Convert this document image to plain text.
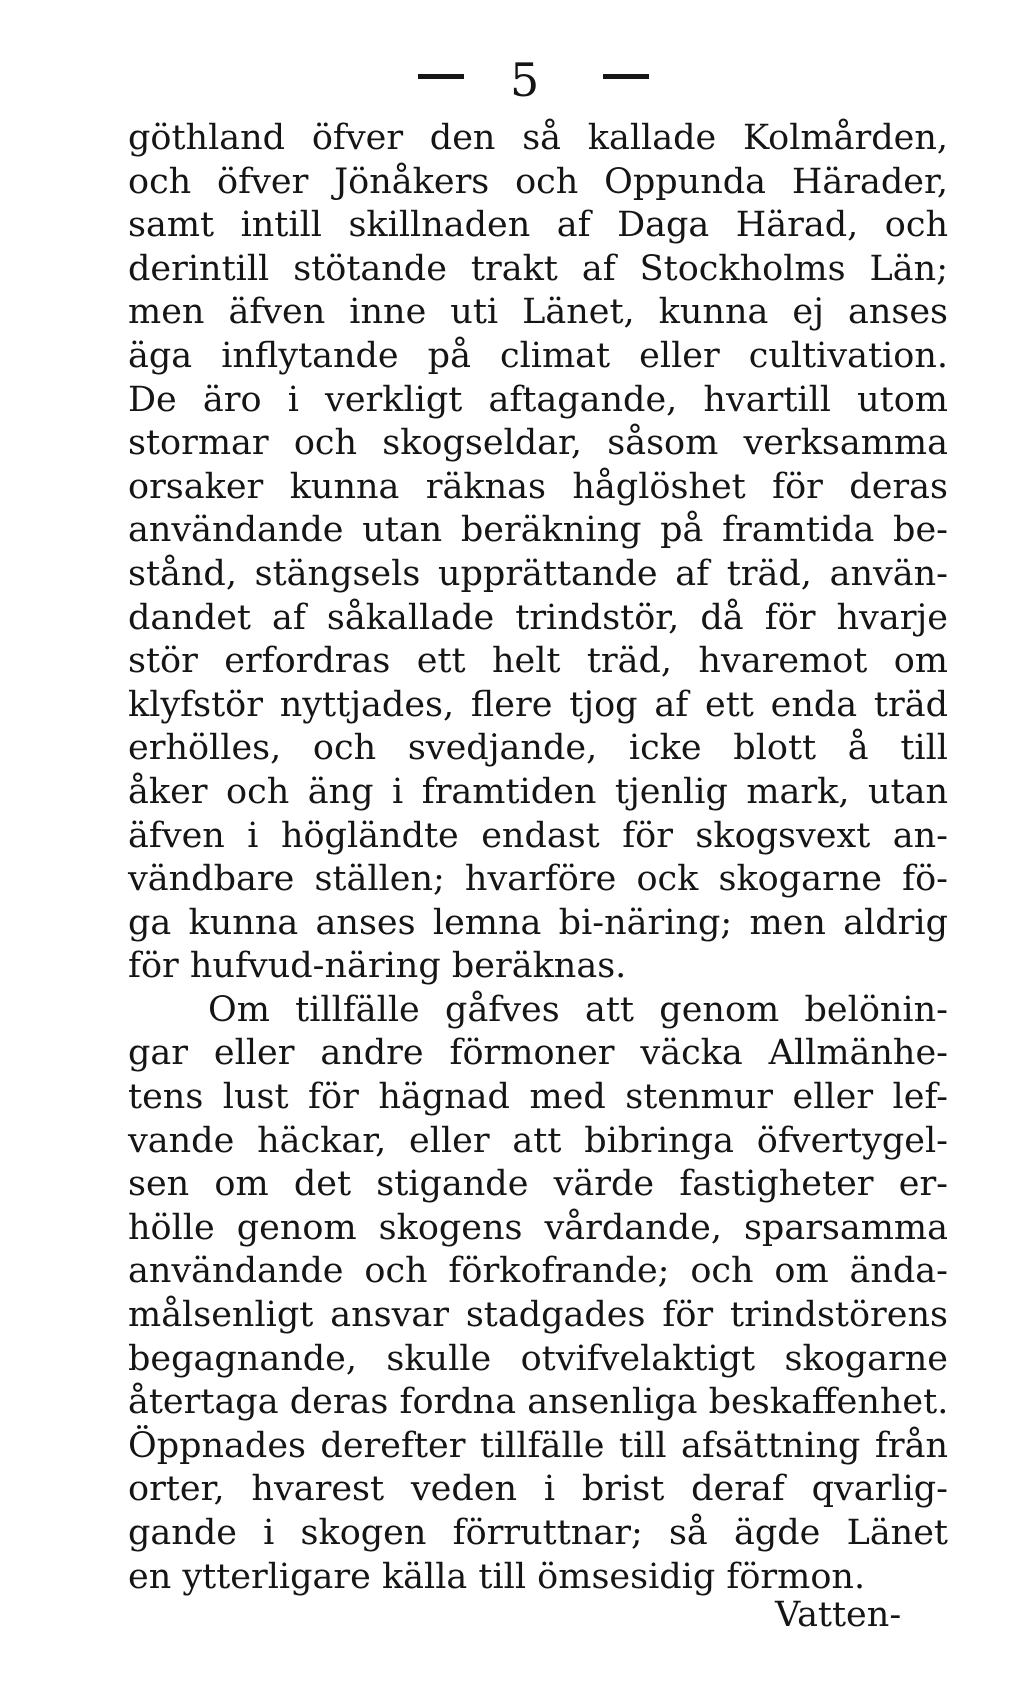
5
göthland öfver den så kallade Kolmården,
och öfver Jönåkers och Oppunda Härader,
samt intill skillnaden af Daga Härad, och
derintill stötande trakt af Stockholms Län;
men äfven inne uti Länet, kunna ej anses
äga inflytande på climat eller cultivation.
De äro i verkligt aftagande, hvartill utom
stormar och skogseldar, såsom verksamma
orsaker kunna räknas håglöshet för deras
användande utan beräkning på framtida be-
stånd, stängsels upprättande af träd, använ-
dandet af såkallade trindstör, då för hvarje
stör erfordras ett helt träd, hvaremot om
klyfstör nyttjades, flere tjog af ett enda träd
erhölles, och svedjande, icke blott å till
åker och äng i framtiden tjenlig mark, utan
äfven i högländte endast för skogsvext an-
vändbare ställen; hvarföre ock skogarne fö-
ga kunna anses lemna bi-näring; men aldrig
för hufvud-näring beräknas.
Om tillfälle gåfves att genom belönin-
gar eller andre förmoner väcka Allmänhe-
tens lust för hägnad med stenmur eller lef-
vande häckar, eller att bibringa öfvertygel-
sen om det stigande värde fastigheter er-
hölle genom skogens vårdande, sparsamma
användande och förkofrande; och om ända-
målsenligt ansvar stadgades för trindstörens
begagnande, skulle otvifvelaktigt skogarne
återtaga deras fordna ansenliga beskaffenhet.
Öppnades derefter tillfälle till afsättning från
orter, hvarest veden i brist deraf qvarlig-
gande i skogen förruttnar; så ägde Länet
en ytterligare källa till ömsesidig förmon.
Vatten-
